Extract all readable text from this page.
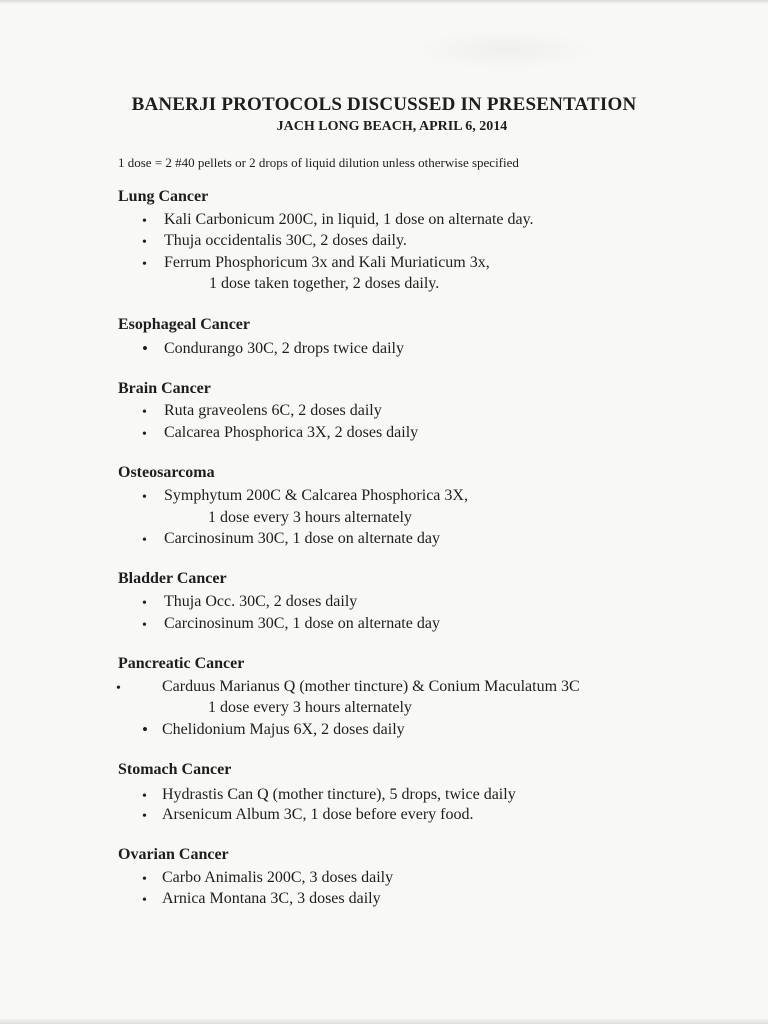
BANERJI PROTOCOLS DISCUSSED IN PRESENTATION
JACH LONG BEACH, APRIL 6, 2014
1 dose = 2 #40 pellets or 2 drops of liquid dilution unless otherwise specified
Lung Cancer
• Kali Carbonicum 200C, in liquid, 1 dose on alternate day.
• Thuja occidentalis 30C, 2 doses daily.
• Ferrum Phosphoricum 3x and Kali Muriaticum 3x,
1 dose taken together, 2 doses daily.
Esophageal Cancer
• Condurango 30C, 2 drops twice daily
Brain Cancer
• Ruta graveolens 6C, 2 doses daily
• Calcarea Phosphorica 3X, 2 doses daily
Osteosarcoma
• Symphytum 200C & Calcarea Phosphorica 3X,
1 dose every 3 hours alternately
• Carcinosinum 30C, 1 dose on alternate day
Bladder Cancer
• Thuja Occ. 30C, 2 doses daily
• Carcinosinum 30C, 1 dose on alternate day
Pancreatic Cancer
•	Carduus Marianus Q (mother tincture) & Conium Maculatum 3C
1 dose every 3 hours alternately
• Chelidonium Majus 6X, 2 doses daily
Stomach Cancer
• Hydrastis Can Q (mother tincture), 5 drops, twice daily
• Arsenicum Album 3C, 1 dose before every food.
Ovarian Cancer
• Carbo Animalis 200C, 3 doses daily
• Arnica Montana 3C, 3 doses daily
